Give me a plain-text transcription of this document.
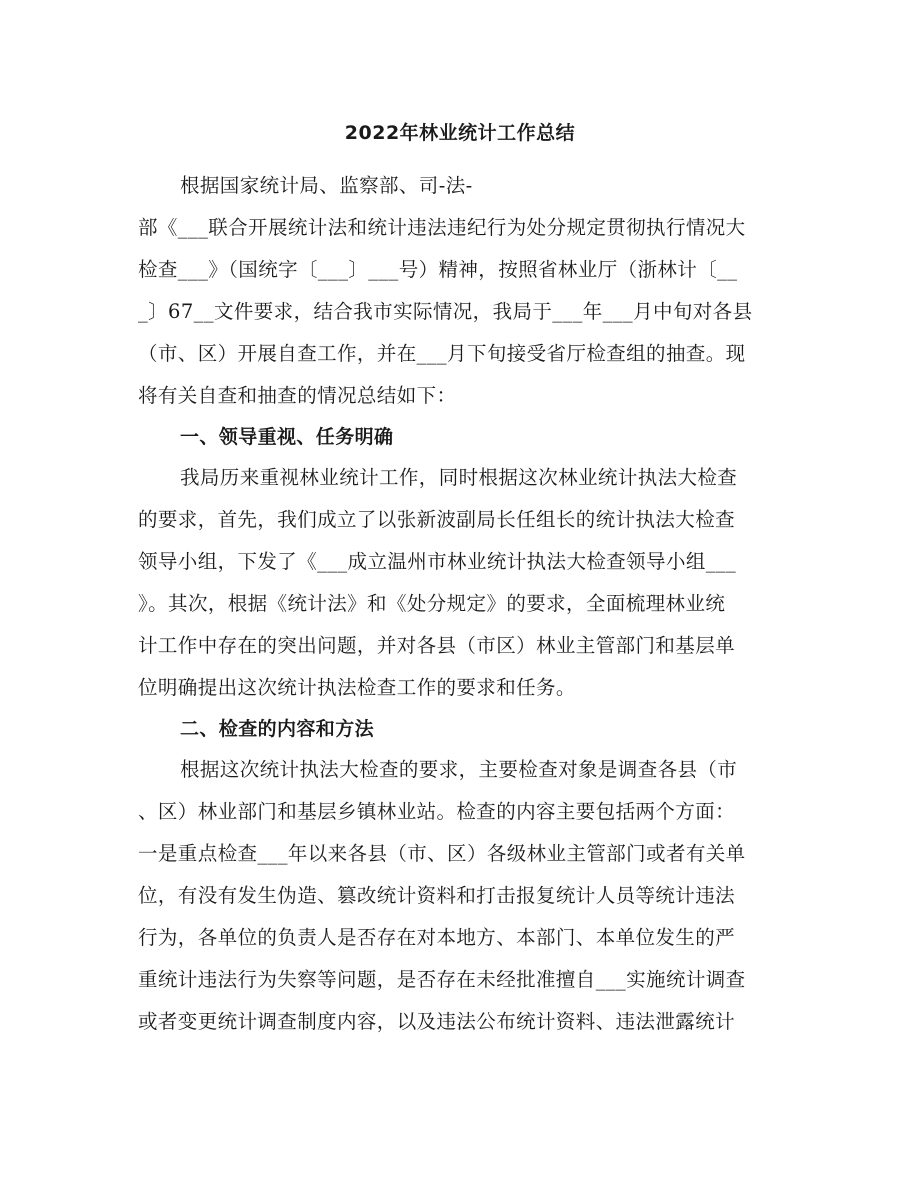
2022年林业统计工作总结
根据国家统计局、监察部、司-法-
部《___联合开展统计法和统计违法违纪行为处分规定贯彻执行情况大
检查___》（国统字〔___〕___号）精神，按照省林业厅（浙林计〔__
_〕67__文件要求，结合我市实际情况，我局于___年___月中旬对各县
（市、区）开展自查工作，并在___月下旬接受省厅检查组的抽查。现
将有关自查和抽查的情况总结如下：
一、领导重视、任务明确
我局历来重视林业统计工作，同时根据这次林业统计执法大检查
的要求，首先，我们成立了以张新波副局长任组长的统计执法大检查
领导小组，下发了《___成立温州市林业统计执法大检查领导小组___
》。其次，根据《统计法》和《处分规定》的要求，全面梳理林业统
计工作中存在的突出问题，并对各县（市区）林业主管部门和基层单
位明确提出这次统计执法检查工作的要求和任务。
二、检查的内容和方法
根据这次统计执法大检查的要求，主要检查对象是调查各县（市
、区）林业部门和基层乡镇林业站。检查的内容主要包括两个方面：
一是重点检查___年以来各县（市、区）各级林业主管部门或者有关单
位，有没有发生伪造、篡改统计资料和打击报复统计人员等统计违法
行为，各单位的负责人是否存在对本地方、本部门、本单位发生的严
重统计违法行为失察等问题，是否存在未经批准擅自___实施统计调查
或者变更统计调查制度内容，以及违法公布统计资料、违法泄露统计
